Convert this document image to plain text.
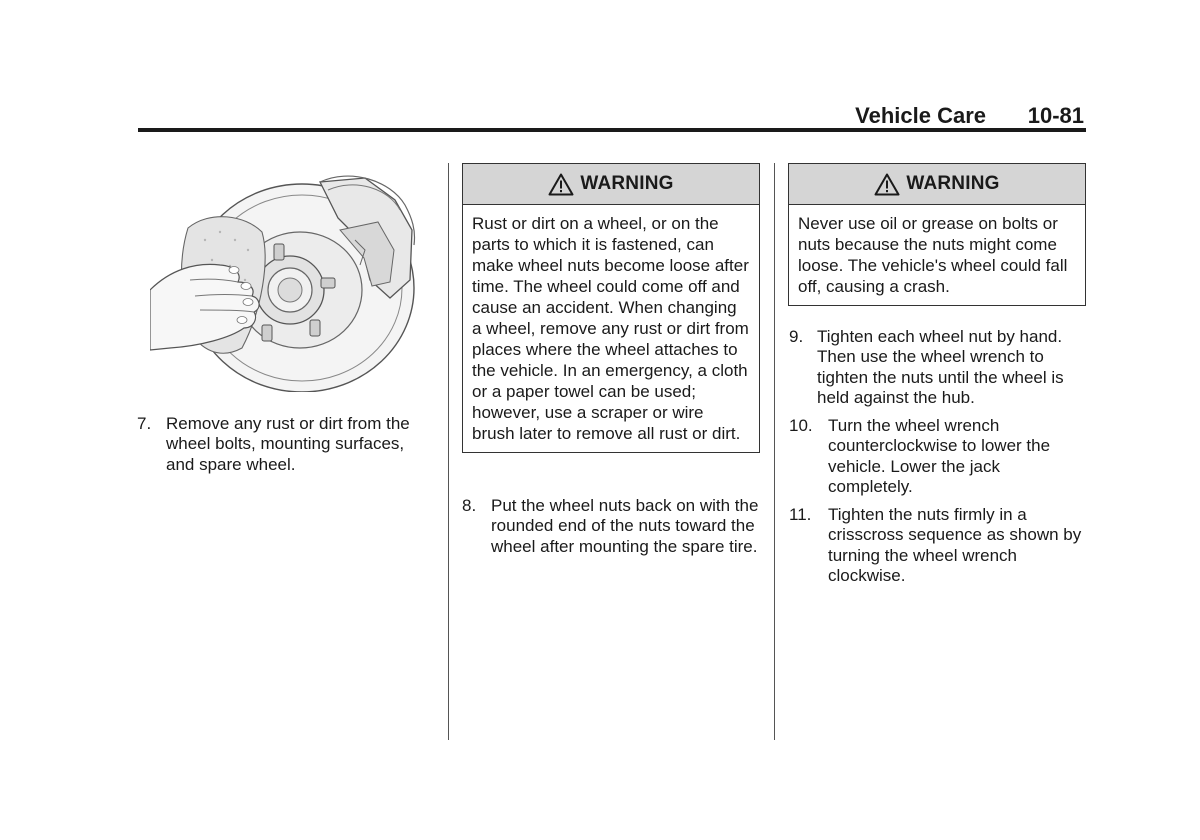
Vehicle Care 10-81
7. Remove any rust or dirt from the wheel bolts, mounting surfaces, and spare wheel.
WARNING
Rust or dirt on a wheel, or on the parts to which it is fastened, can make wheel nuts become loose after time. The wheel could come off and cause an accident. When changing a wheel, remove any rust or dirt from places where the wheel attaches to the vehicle. In an emergency, a cloth or a paper towel can be used; however, use a scraper or wire brush later to remove all rust or dirt.
8. Put the wheel nuts back on with the rounded end of the nuts toward the wheel after mounting the spare tire.
WARNING
Never use oil or grease on bolts or nuts because the nuts might come loose. The vehicle's wheel could fall off, causing a crash.
9. Tighten each wheel nut by hand. Then use the wheel wrench to tighten the nuts until the wheel is held against the hub.
10. Turn the wheel wrench counterclockwise to lower the vehicle. Lower the jack completely.
11. Tighten the nuts firmly in a crisscross sequence as shown by turning the wheel wrench clockwise.
